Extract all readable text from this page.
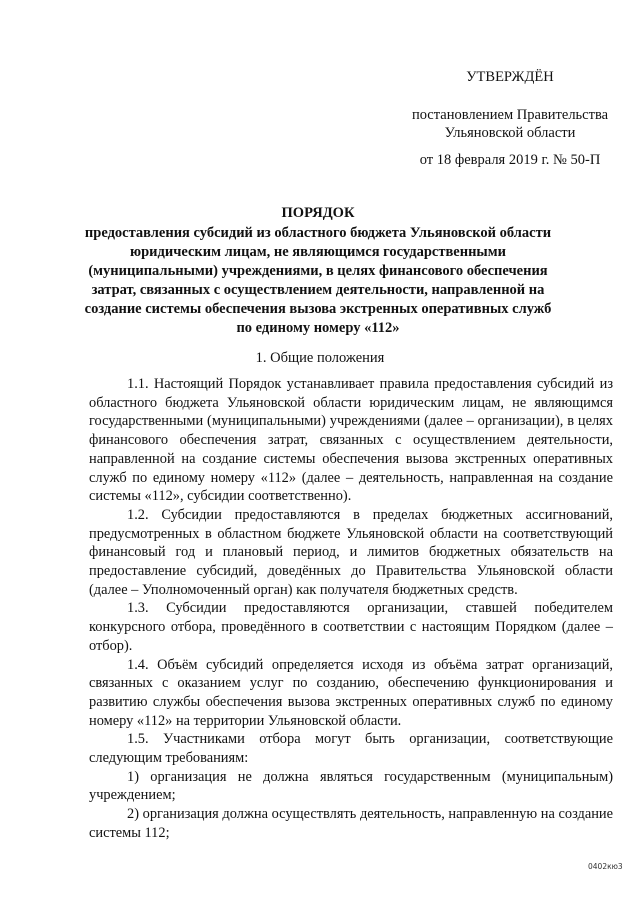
УТВЕРЖДЁН
постановлением Правительства Ульяновской области
от 18 февраля 2019 г. № 50-П
ПОРЯДОК
предоставления субсидий из областного бюджета Ульяновской области юридическим лицам, не являющимся государственными (муниципальными) учреждениями, в целях финансового обеспечения затрат, связанных с осуществлением деятельности, направленной на создание системы обеспечения вызова экстренных оперативных служб по единому номеру «112»
1. Общие положения

1.1. Настоящий Порядок устанавливает правила предоставления субсидий из областного бюджета Ульяновской области юридическим лицам, не являющимся государственными (муниципальными) учреждениями (далее – организации), в целях финансового обеспечения затрат, связанных с осуществлением деятельности, направленной на создание системы обеспечения вызова экстренных оперативных служб по единому номеру «112» (далее – деятельность, направленная на создание системы «112», субсидии соответственно).

1.2. Субсидии предоставляются в пределах бюджетных ассигнований, предусмотренных в областном бюджете Ульяновской области на соответствующий финансовый год и плановый период, и лимитов бюджетных обязательств на предоставление субсидий, доведённых до Правительства Ульяновской области (далее – Уполномоченный орган) как получателя бюджетных средств.

1.3. Субсидии предоставляются организации, ставшей победителем конкурсного отбора, проведённого в соответствии с настоящим Порядком (далее – отбор).

1.4. Объём субсидий определяется исходя из объёма затрат организаций, связанных с оказанием услуг по созданию, обеспечению функционирования и развитию службы обеспечения вызова экстренных оперативных служб по единому номеру «112» на территории Ульяновской области.

1.5. Участниками отбора могут быть организации, соответствующие следующим требованиям:

1) организация не должна являться государственным (муниципальным) учреждением;

2) организация должна осуществлять деятельность, направленную на создание системы 112;

0402кю3
